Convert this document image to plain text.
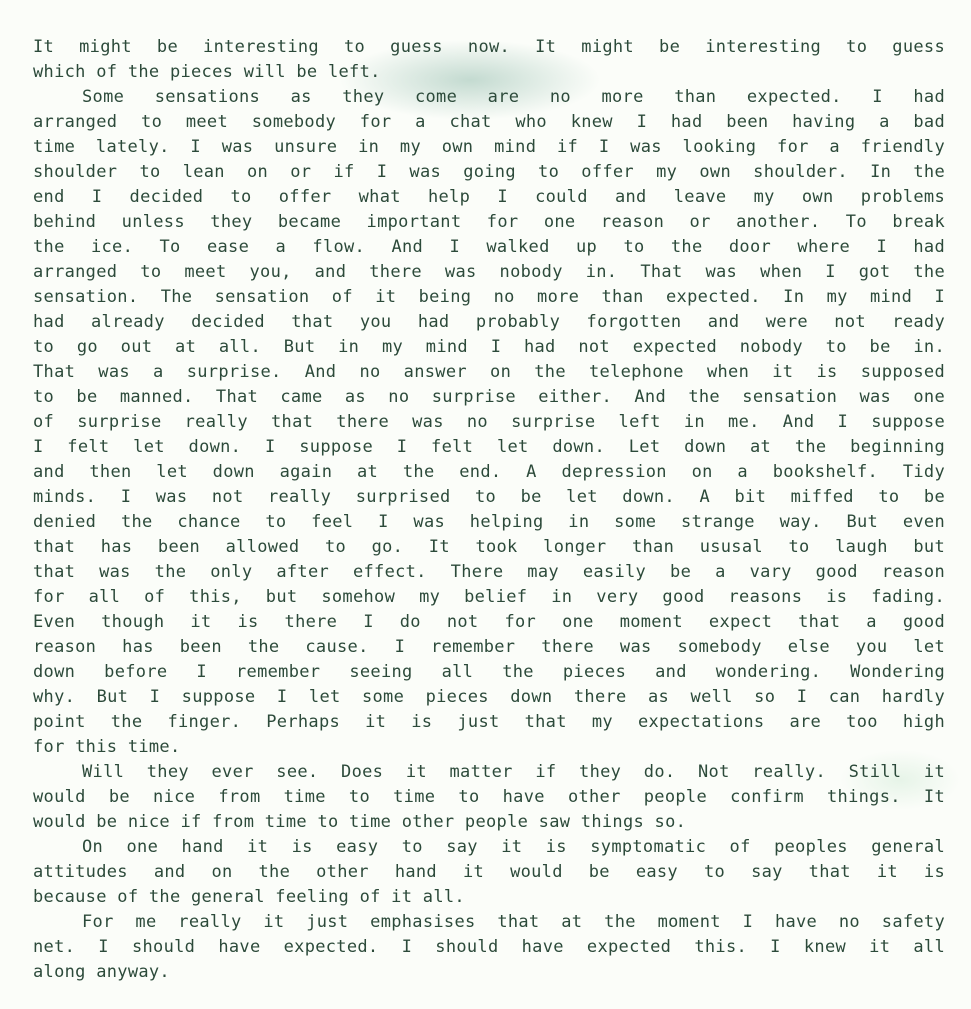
It might be interesting to guess now. It might be interesting to guess
which of the pieces will be left.
Some sensations as they come are no more than expected. I had
arranged to meet somebody for a chat who knew I had been having a bad
time lately. I was unsure in my own mind if I was looking for a friendly
shoulder to lean on or if I was going to offer my own shoulder. In the
end I decided to offer what help I could and leave my own problems
behind unless they became important for one reason or another. To break
the ice. To ease a flow. And I walked up to the door where I had
arranged to meet you, and there was nobody in. That was when I got the
sensation. The sensation of it being no more than expected. In my mind I
had already decided that you had probably forgotten and were not ready
to go out at all. But in my mind I had not expected nobody to be in.
That was a surprise. And no answer on the telephone when it is supposed
to be manned. That came as no surprise either. And the sensation was one
of surprise really that there was no surprise left in me. And I suppose
I felt let down. I suppose I felt let down. Let down at the beginning
and then let down again at the end. A depression on a bookshelf. Tidy
minds. I was not really surprised to be let down. A bit miffed to be
denied the chance to feel I was helping in some strange way. But even
that has been allowed to go. It took longer than ususal to laugh but
that was the only after effect. There may easily be a vary good reason
for all of this, but somehow my belief in very good reasons is fading.
Even though it is there I do not for one moment expect that a good
reason has been the cause. I remember there was somebody else you let
down before I remember seeing all the pieces and wondering. Wondering
why. But I suppose I let some pieces down there as well so I can hardly
point the finger. Perhaps it is just that my expectations are too high
for this time.
Will they ever see. Does it matter if they do. Not really. Still it
would be nice from time to time to have other people confirm things. It
would be nice if from time to time other people saw things so.
On one hand it is easy to say it is symptomatic of peoples general
attitudes and on the other hand it would be easy to say that it is
because of the general feeling of it all.
For me really it just emphasises that at the moment I have no safety
net. I should have expected. I should have expected this. I knew it all
along anyway.
